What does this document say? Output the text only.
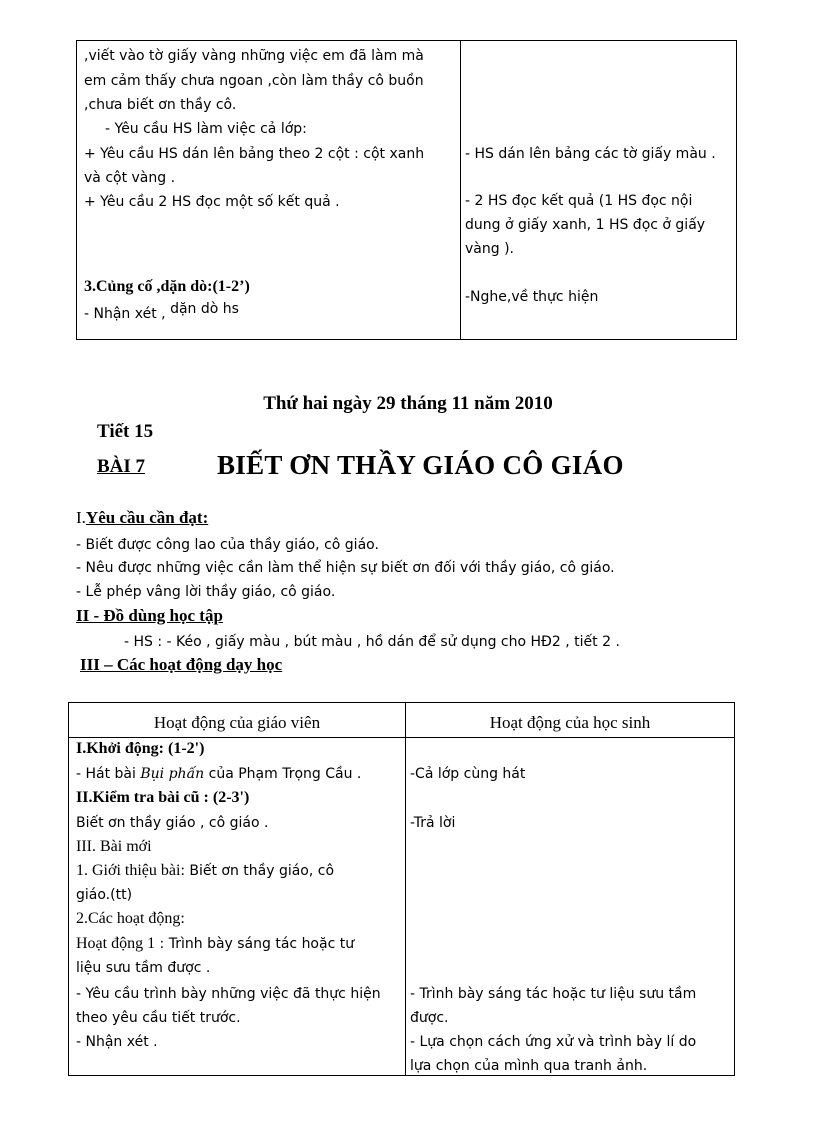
,viết vào tờ giấy vàng những việc em đã làm mà
em cảm thấy chưa ngoan ,còn làm thầy cô buồn
,chưa biết ơn thầy cô.
- Yêu cầu HS làm việc cả lớp:
+ Yêu cầu HS dán lên bảng theo 2 cột : cột xanh
và cột vàng .
+ Yêu cầu 2 HS đọc một số kết quả .
3.Củng cố ,dặn dò:(1-2’)
- Nhận xét , dặn dò hs
- HS dán lên bảng các tờ giấy màu .
- 2 HS đọc kết quả (1 HS đọc nội
dung ở giấy xanh, 1 HS đọc ở giấy
vàng ).
-Nghe,về thực hiện
Thứ hai ngày 29 tháng 11 năm 2010
Tiết 15
BÀI 7	BIẾT ƠN THẦY GIÁO CÔ GIÁO
I.Yêu cầu cần đạt:
- Biết được công lao của thầy giáo, cô giáo.
- Nêu được những việc cần làm thể hiện sự biết ơn đối với thầy giáo, cô giáo.
- Lễ phép vâng lời thầy giáo, cô giáo.
II - Đồ dùng học tập
- HS : - Kéo , giấy màu , bút màu , hồ dán để sử dụng cho HĐ2 , tiết 2 .
III – Các hoạt động dạy học
Hoạt động của giáo viên	Hoạt động của học sinh
I.Khởi động: (1-2')
- Hát bài Bụi phấn của Phạm Trọng Cầu .
II.Kiểm tra bài cũ : (2-3')
Biết ơn thầy giáo , cô giáo .
III. Bài mới
1. Giới thiệu bài: Biết ơn thầy giáo, cô
giáo.(tt)
2.Các hoạt động:
Hoạt động 1 : Trình bày sáng tác hoặc tư
liệu sưu tầm được .
- Yêu cầu trình bày những việc đã thực hiện
theo yêu cầu tiết trước.
- Nhận xét .
-Cả lớp cùng hát
-Trả lời
- Trình bày sáng tác hoặc tư liệu sưu tầm
được.
- Lựa chọn cách ứng xử và trình bày lí do
lựa chọn của mình qua tranh ảnh.
